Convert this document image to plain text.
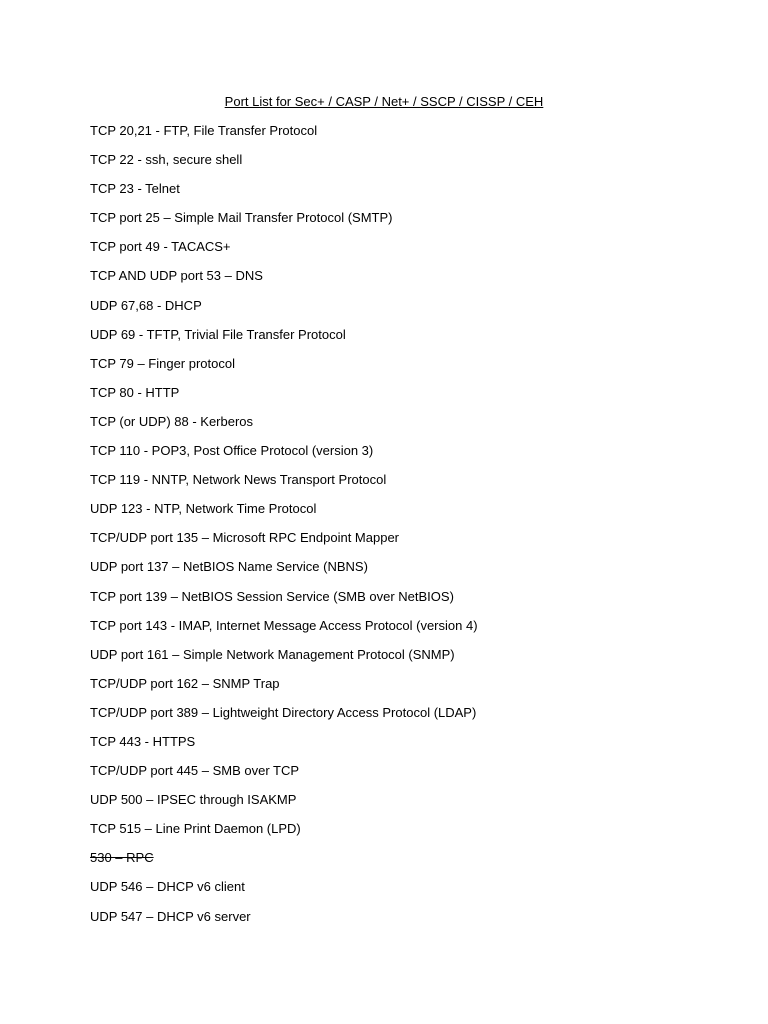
Port List for Sec+ / CASP / Net+ / SSCP / CISSP / CEH
TCP 20,21 - FTP, File Transfer Protocol
TCP 22 - ssh, secure shell
TCP 23 - Telnet
TCP port 25 – Simple Mail Transfer Protocol (SMTP)
TCP port 49 - TACACS+
TCP AND UDP port 53 – DNS
UDP 67,68 - DHCP
UDP 69 - TFTP, Trivial File Transfer Protocol
TCP 79 – Finger protocol
TCP 80 - HTTP
TCP (or UDP) 88 - Kerberos
TCP 110 - POP3, Post Office Protocol (version 3)
TCP 119 - NNTP, Network News Transport Protocol
UDP 123 - NTP, Network Time Protocol
TCP/UDP port 135 – Microsoft RPC Endpoint Mapper
UDP port 137 – NetBIOS Name Service (NBNS)
TCP port 139 – NetBIOS Session Service (SMB over NetBIOS)
TCP port 143 - IMAP, Internet Message Access Protocol (version 4)
UDP port 161 – Simple Network Management Protocol (SNMP)
TCP/UDP port 162 – SNMP Trap
TCP/UDP port 389 – Lightweight Directory Access Protocol (LDAP)
TCP 443 - HTTPS
TCP/UDP port 445 – SMB over TCP
UDP 500 – IPSEC through ISAKMP
TCP 515 – Line Print Daemon (LPD)
530 – RPC
UDP 546 – DHCP v6 client
UDP 547 – DHCP v6 server
